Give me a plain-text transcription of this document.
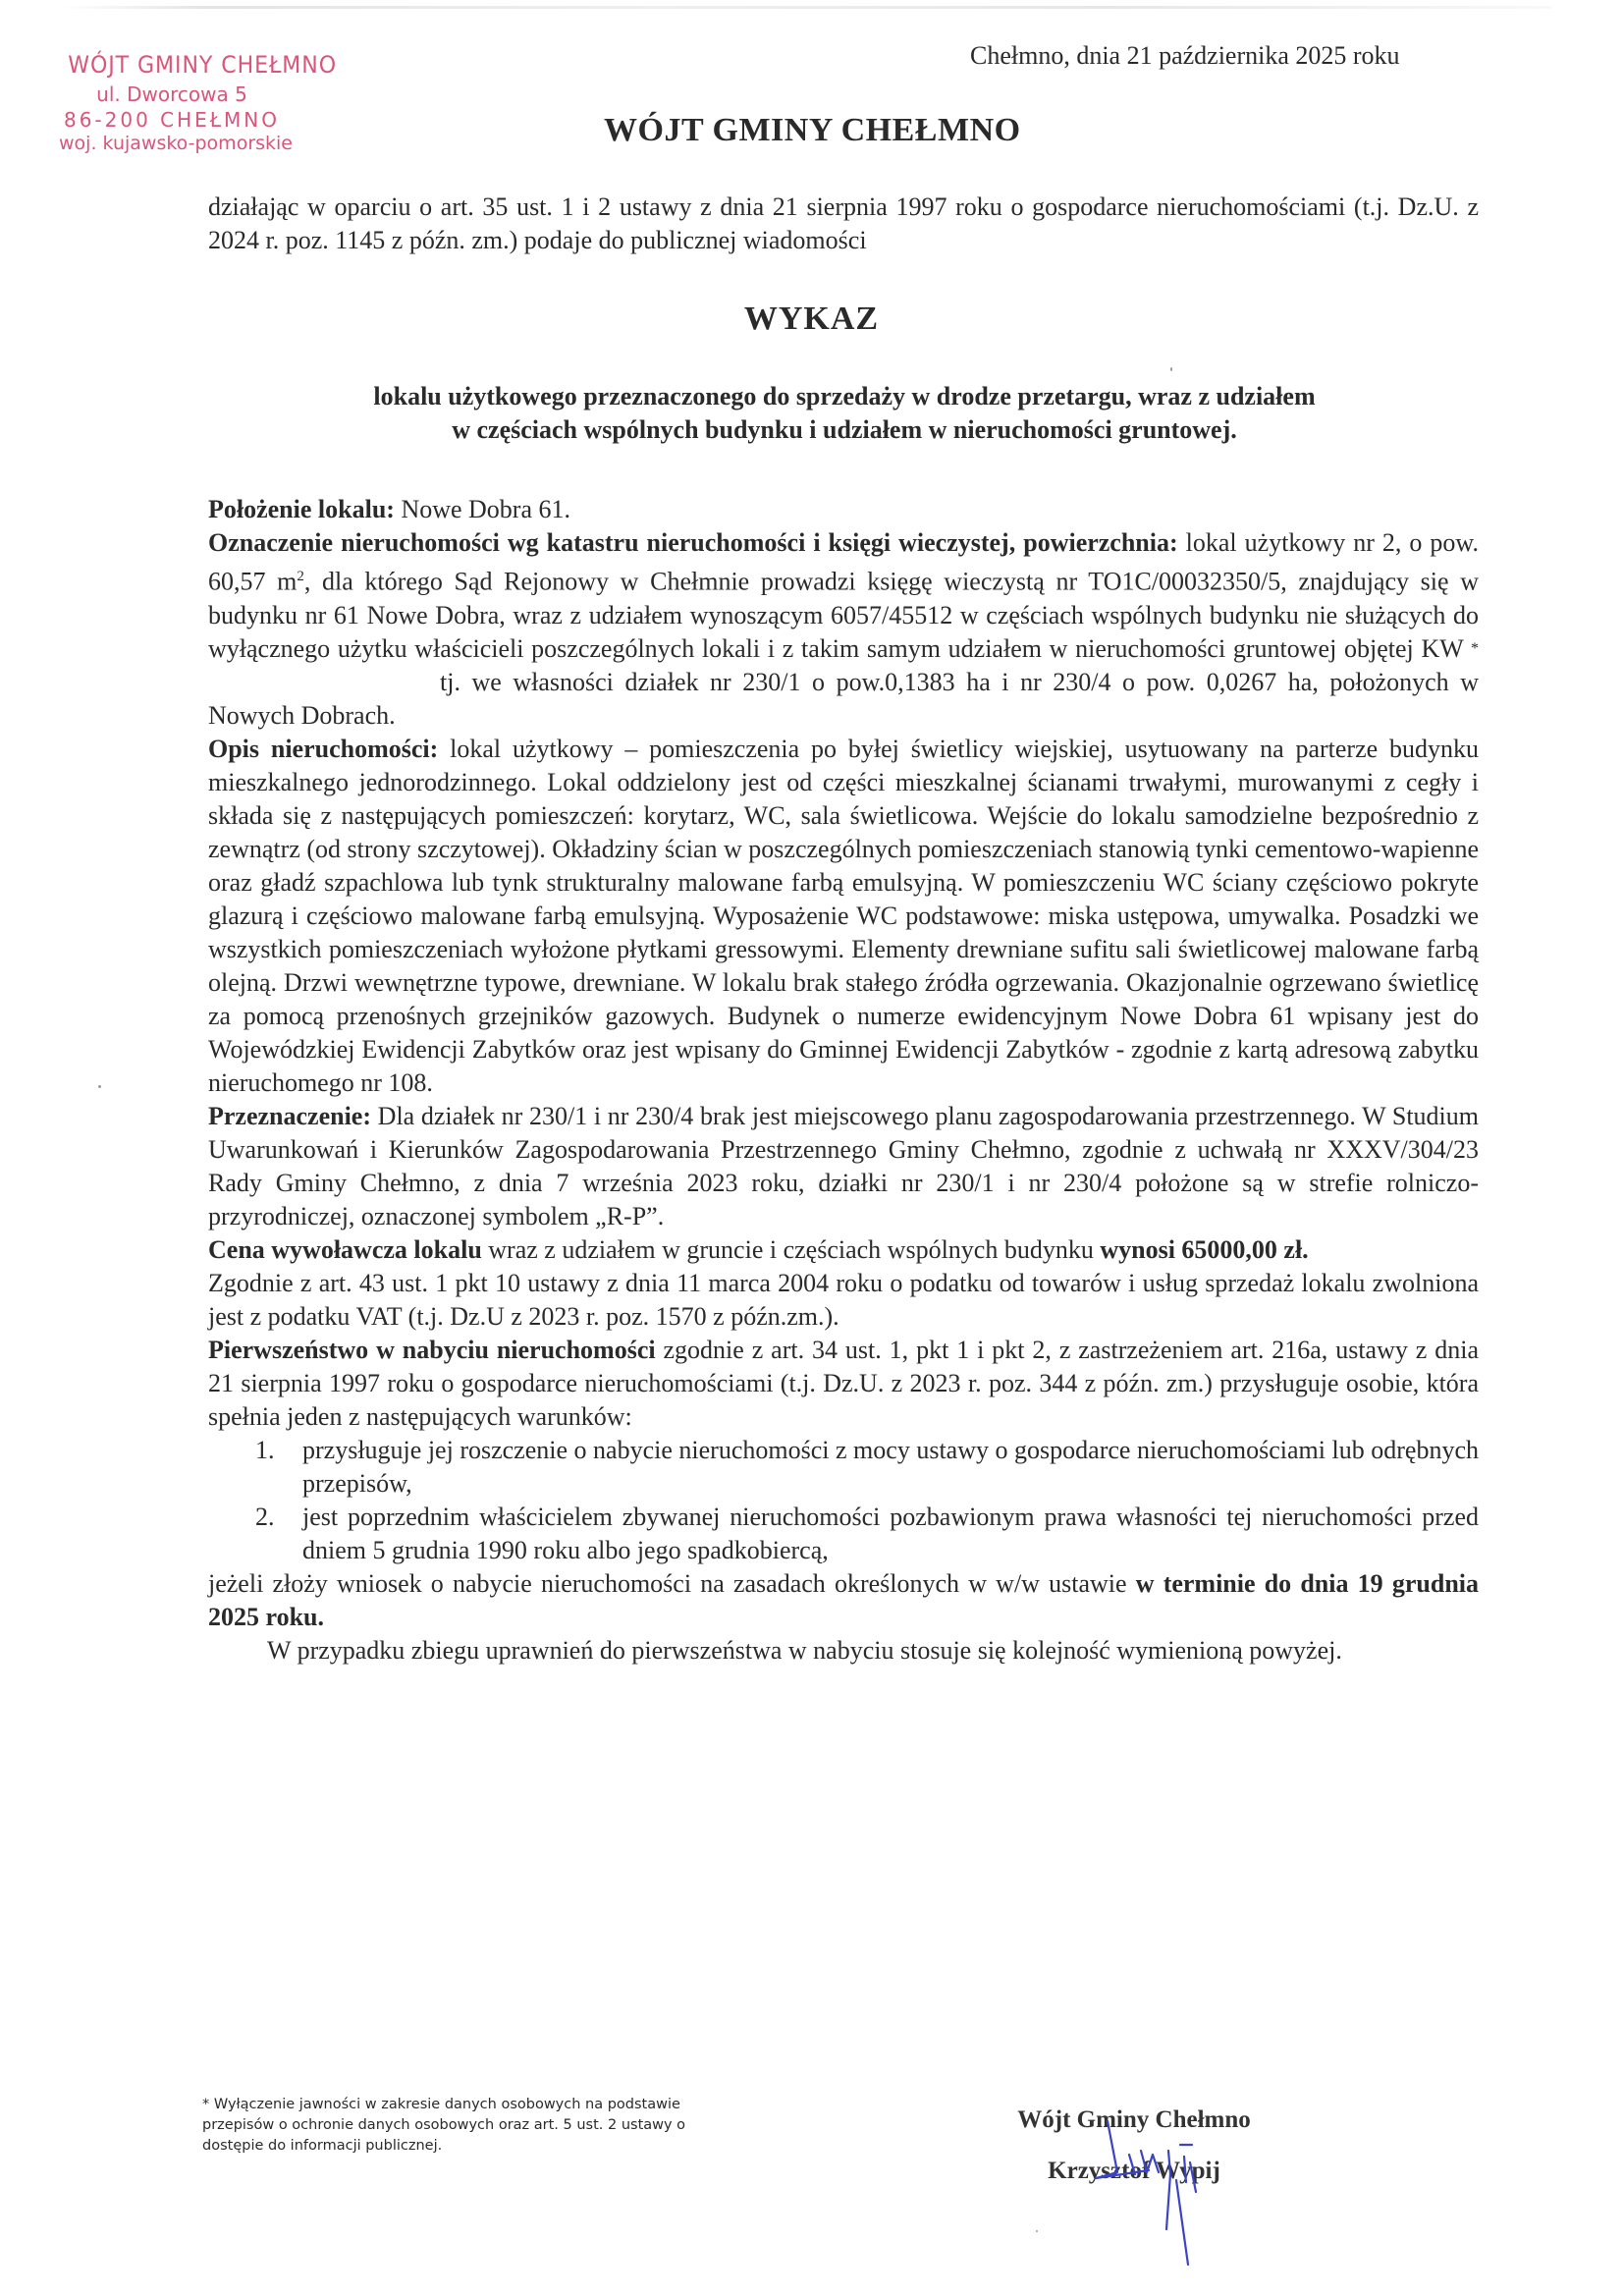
WÓJT GMINY CHEŁMNO
ul. Dworcowa 5
86-200 CHEŁMNO
woj. kujawsko-pomorskie
Chełmno, dnia 21 października 2025 roku
WÓJT GMINY CHEŁMNO
działając w oparciu o art. 35 ust. 1 i 2 ustawy z dnia 21 sierpnia 1997 roku o gospodarce nieruchomościami (t.j. Dz.U. z 2024 r. poz. 1145 z późn. zm.) podaje do publicznej wiadomości
WYKAZ
lokalu użytkowego przeznaczonego do sprzedaży w drodze przetargu, wraz z udziałem
w częściach wspólnych budynku i udziałem w nieruchomości gruntowej.

Położenie lokalu: Nowe Dobra 61.

Oznaczenie nieruchomości wg katastru nieruchomości i księgi wieczystej, powierzchnia: lokal użytkowy nr 2, o pow. 60,57 $m^2$, dla którego Sąd Rejonowy w Chełmnie prowadzi księgę wieczystą nr TO1C/00032350/5, znajdujący się w budynku nr 61 Nowe Dobra, wraz z udziałem wynoszącym 6057/45512 w częściach wspólnych budynku nie służących do wyłącznego użytku właścicieli poszczególnych lokali i z takim samym udziałem w nieruchomości gruntowej objętej KW *tj. we własności działek nr 230/1 o pow.0,1383 ha i nr 230/4 o pow. 0,0267 ha, położonych w Nowych Dobrach.

Opis nieruchomości: lokal użytkowy – pomieszczenia po byłej świetlicy wiejskiej, usytuowany na parterze budynku mieszkalnego jednorodzinnego. Lokal oddzielony jest od części mieszkalnej ścianami trwałymi, murowanymi z cegły i składa się z następujących pomieszczeń: korytarz, WC, sala świetlicowa. Wejście do lokalu samodzielne bezpośrednio z zewnątrz (od strony szczytowej). Okładziny ścian w poszczególnych pomieszczeniach stanowią tynki cementowo-wapienne oraz gładź szpachlowa lub tynk strukturalny malowane farbą emulsyjną. W pomieszczeniu WC ściany częściowo pokryte glazurą i częściowo malowane farbą emulsyjną. Wyposażenie WC podstawowe: miska ustępowa, umywalka. Posadzki we wszystkich pomieszczeniach wyłożone płytkami gressowymi. Elementy drewniane sufitu sali świetlicowej malowane farbą olejną. Drzwi wewnętrzne typowe, drewniane. W lokalu brak stałego źródła ogrzewania. Okazjonalnie ogrzewano świetlicę za pomocą przenośnych grzejników gazowych. Budynek o numerze ewidencyjnym Nowe Dobra 61 wpisany jest do Wojewódzkiej Ewidencji Zabytków oraz jest wpisany do Gminnej Ewidencji Zabytków - zgodnie z kartą adresową zabytku nieruchomego nr 108.

Przeznaczenie: Dla działek nr 230/1 i nr 230/4 brak jest miejscowego planu zagospodarowania przestrzennego. W Studium Uwarunkowań i Kierunków Zagospodarowania Przestrzennego Gminy Chełmno, zgodnie z uchwałą nr XXXV/304/23 Rady Gminy Chełmno, z dnia 7 września 2023 roku, działki nr 230/1 i nr 230/4 położone są w strefie rolniczo-przyrodniczej, oznaczonej symbolem „R-P”.

Cena wywoławcza lokalu wraz z udziałem w gruncie i częściach wspólnych budynku wynosi 65000,00 zł.

Zgodnie z art. 43 ust. 1 pkt 10 ustawy z dnia 11 marca 2004 roku o podatku od towarów i usług sprzedaż lokalu zwolniona jest z podatku VAT (t.j. Dz.U z 2023 r. poz. 1570 z późn.zm.).

Pierwszeństwo w nabyciu nieruchomości zgodnie z art. 34 ust. 1, pkt 1 i pkt 2, z zastrzeżeniem art. 216a, ustawy z dnia 21 sierpnia 1997 roku o gospodarce nieruchomościami (t.j. Dz.U. z 2023 r. poz. 344 z późn. zm.) przysługuje osobie, która spełnia jeden z następujących warunków:

1. przysługuje jej roszczenie o nabycie nieruchomości z mocy ustawy o gospodarce nieruchomościami lub odrębnych przepisów,
2. jest poprzednim właścicielem zbywanej nieruchomości pozbawionym prawa własności tej nieruchomości przed dniem 5 grudnia 1990 roku albo jego spadkobiercą,

jeżeli złoży wniosek o nabycie nieruchomości na zasadach określonych w w/w ustawie w terminie do dnia 19 grudnia 2025 roku.

W przypadku zbiegu uprawnień do pierwszeństwa w nabyciu stosuje się kolejność wymienioną powyżej.

* Wyłączenie jawności w zakresie danych osobowych na podstawie przepisów o ochronie danych osobowych oraz art. 5 ust. 2 ustawy o dostępie do informacji publicznej.
Wójt Gminy Chełmno
Krzysztof Wypij
